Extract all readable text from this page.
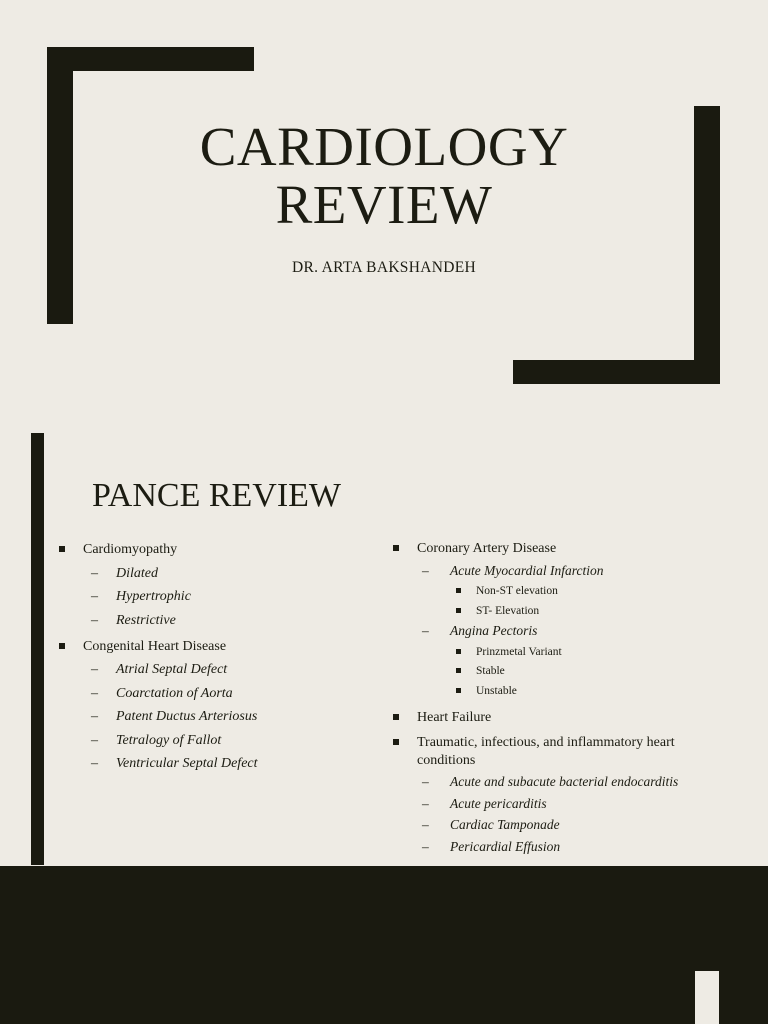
CARDIOLOGY
REVIEW
DR. ARTA BAKSHANDEH
PANCE REVIEW
Cardiomyopathy
– Dilated
– Hypertrophic
– Restrictive
Congenital Heart Disease
– Atrial Septal Defect
– Coarctation of Aorta
– Patent Ductus Arteriosus
– Tetralogy of Fallot
– Ventricular Septal Defect
Coronary Artery Disease
– Acute Myocardial Infarction
Non-ST elevation
ST- Elevation
– Angina Pectoris
Prinzmetal Variant
Stable
Unstable
Heart Failure
Traumatic, infectious, and inflammatory heart conditions
– Acute and subacute bacterial endocarditis
– Acute pericarditis
– Cardiac Tamponade
– Pericardial Effusion
